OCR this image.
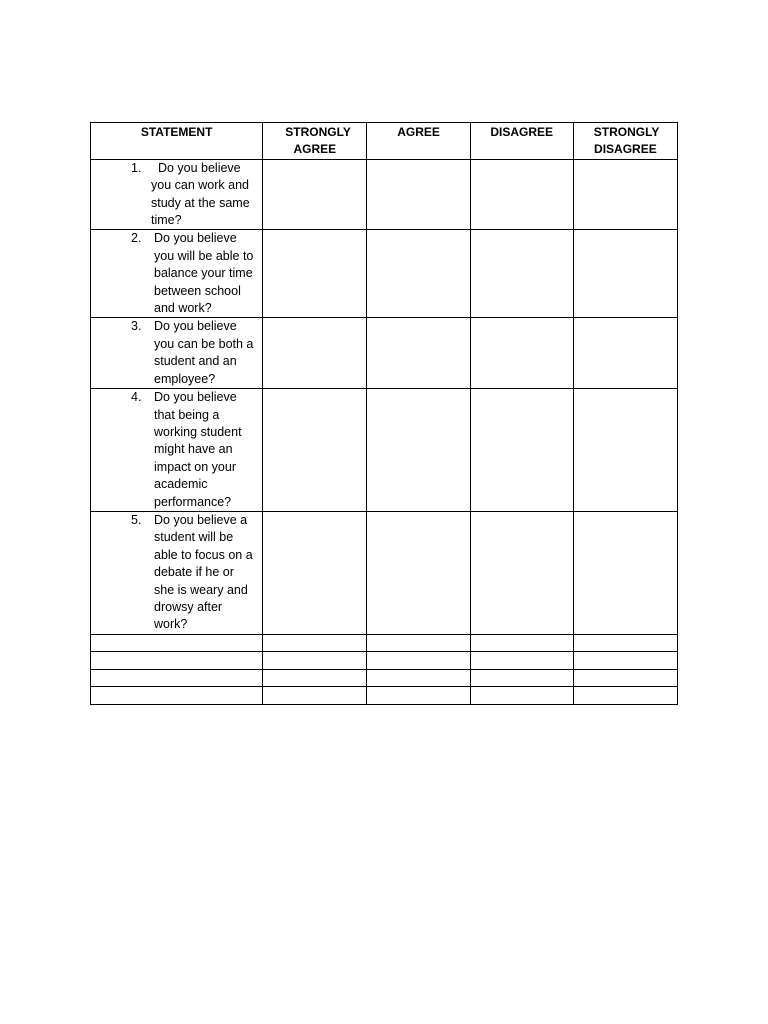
STATEMENT	STRONGLY AGREE	AGREE	DISAGREE	STRONGLY DISAGREE

1. Do you believe you can work and study at the same time?				

2. Do you believe you will be able to balance your time between school and work?				

3. Do you believe you can be both a student and an employee?				

4. Do you believe that being a working student might have an impact on your academic performance?				

5. Do you believe a student will be able to focus on a debate if he or she is weary and drowsy after work?				
